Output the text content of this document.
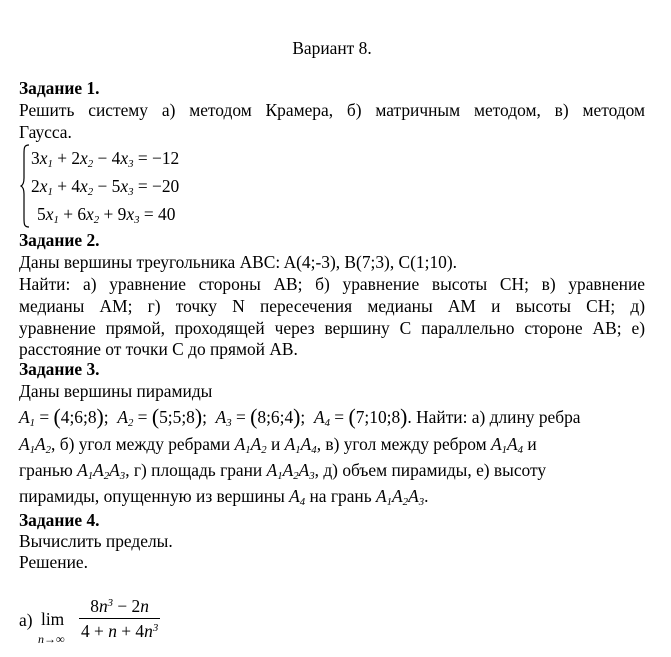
Вариант 8.
Задание 1.
Решить систему а) методом Крамера, б) матричным методом, в) методом
Гаусса.
$3x_1 + 2x_2 - 4x_3 = -12$
$2x_1 + 4x_2 - 5x_3 = -20$
$5x_1 + 6x_2 + 9x_3 = 40$
Задание 2.
Даны вершины треугольника ABC: A(4;-3), B(7;3), C(1;10).
Найти: а) уравнение стороны AB; б) уравнение высоты CH; в) уравнение
медианы AM; г) точку N пересечения медианы AM и высоты CH; д)
уравнение прямой, проходящей через вершину C параллельно стороне AB; е)
расстояние от точки C до прямой AB.
Задание 3.
Даны вершины пирамиды
$A_1$ = (4;6;8);  $A_2$ = (5;5;8);  $A_3$ = (8;6;4);  $A_4$ = (7;10;8). Найти: а) длину ребра
$A_1A_2$, б) угол между ребрами $A_1A_2$ и $A_1A_4$, в) угол между ребром $A_1A_4$ и
гранью $A_1A_2A_3$, г) площадь грани $A_1A_2A_3$, д) объем пирамиды, е) высоту
пирамиды, опущенную из вершины $A_4$ на грань $A_1A_2A_3$.
Задание 4.
Вычислить пределы.
Решение.
а) lim
n→∞
$8n^3 - 2n$
$4 + n + 4n^3$
